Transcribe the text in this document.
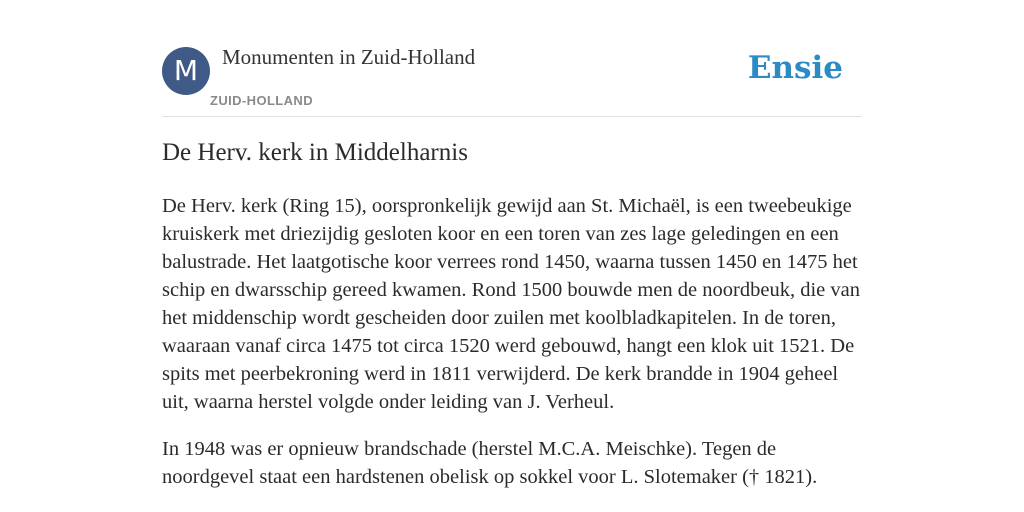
M	Monumenten in Zuid-Holland
ZUID-HOLLAND
Ensie
De Herv. kerk in Middelharnis

De Herv. kerk (Ring 15), oorspronkelijk gewijd aan St. Michaël, is een tweebeukige kruiskerk met driezijdig gesloten koor en een toren van zes lage geledingen en een balustrade. Het laatgotische koor verrees rond 1450, waarna tussen 1450 en 1475 het schip en dwarsschip gereed kwamen. Rond 1500 bouwde men de noordbeuk, die van het middenschip wordt gescheiden door zuilen met koolbladkapitelen. In de toren, waaraan vanaf circa 1475 tot circa 1520 werd gebouwd, hangt een klok uit 1521. De spits met peerbekroning werd in 1811 verwijderd. De kerk brandde in 1904 geheel uit, waarna herstel volgde onder leiding van J. Verheul.

In 1948 was er opnieuw brandschade (herstel M.C.A. Meischke). Tegen de noordgevel staat een hardstenen obelisk op sokkel voor L. Slotemaker († 1821).
